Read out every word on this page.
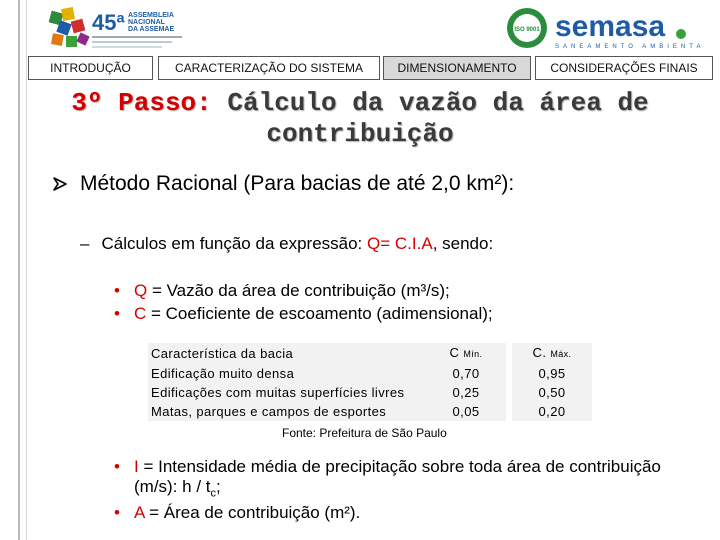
45ª ASSEMBLEIA
NACIONAL
DA ASSEMAE	ISO 9001 semasa
SANEAMENTO AMBIENTAL
INTRODUÇÃO	CARACTERIZAÇÃO DO SISTEMA	DIMENSIONAMENTO	CONSIDERAÇÕES FINAIS
3º Passo: Cálculo da vazão da área de
contribuição
Método Racional (Para bacias de até 2,0 km²):
– Cálculos em função da expressão: Q= C.I.A, sendo:
• Q = Vazão da área de contribuição (m³/s);
• C = Coeficiente de escoamento (adimensional);
Característica da bacia	C Mín.		C. Máx.
Edificação muito densa	0,70		0,95
Edificações com muitas superfícies livres	0,25		0,50
Matas, parques e campos de esportes	0,05		0,20
Fonte: Prefeitura de São Paulo
• I = Intensidade média de precipitação sobre toda área de contribuição (m/s): h / $t_c$;
• A = Área de contribuição (m²).
